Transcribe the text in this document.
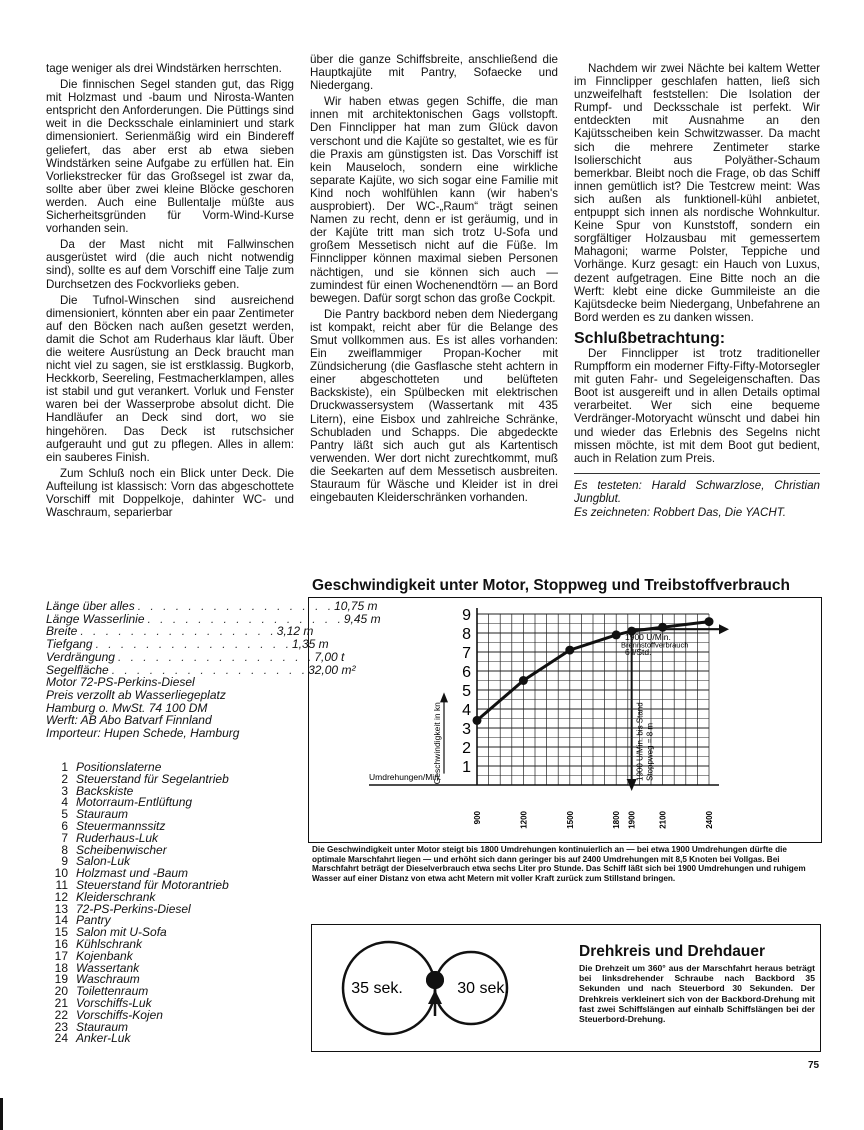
tage weniger als drei Windstärken herrschten.

Die finnischen Segel standen gut, das Rigg mit Holzmast und -baum und Nirosta-Wanten entspricht den Anforderungen. Die Püttings sind weit in die Decksschale einlaminiert und stark dimensioniert. Serienmäßig wird ein Bindereff geliefert, das aber erst ab etwa sieben Windstärken seine Aufgabe zu erfüllen hat. Ein Vorliekstrecker für das Großsegel ist zwar da, sollte aber über zwei kleine Blöcke geschoren werden. Auch eine Bullentalje müßte aus Sicherheitsgründen für Vorm-Wind-Kurse vorhanden sein.

Da der Mast nicht mit Fallwinschen ausgerüstet wird (die auch nicht notwendig sind), sollte es auf dem Vorschiff eine Talje zum Durchsetzen des Fockvorlieks geben.

Die Tufnol-Winschen sind ausreichend dimensioniert, könnten aber ein paar Zentimeter auf den Böcken nach außen gesetzt werden, damit die Schot am Ruderhaus klar läuft. Über die weitere Ausrüstung an Deck braucht man nicht viel zu sagen, sie ist erstklassig. Bugkorb, Heckkorb, Seereling, Festmacherklampen, alles ist stabil und gut verankert. Vorluk und Fenster waren bei der Wasserprobe absolut dicht. Die Handläufer an Deck sind dort, wo sie hingehören. Das Deck ist rutschsicher aufgerauht und gut zu pflegen. Alles in allem: ein sauberes Finish.

Zum Schluß noch ein Blick unter Deck. Die Aufteilung ist klassisch: Vorn das abgeschottete Vorschiff mit Doppelkoje, dahinter WC- und Waschraum, separierbar

über die ganze Schiffsbreite, anschließend die Hauptkajüte mit Pantry, Sofaecke und Niedergang.

Wir haben etwas gegen Schiffe, die man innen mit architektonischen Gags vollstopft. Den Finnclipper hat man zum Glück davon verschont und die Kajüte so gestaltet, wie es für die Praxis am günstigsten ist. Das Vorschiff ist kein Mauseloch, sondern eine wirkliche separate Kajüte, wo sich sogar eine Familie mit Kind noch wohlfühlen kann (wir haben's ausprobiert). Der WC-„Raum“ trägt seinen Namen zu recht, denn er ist geräumig, und in der Kajüte tritt man sich trotz U-Sofa und großem Messetisch nicht auf die Füße. Im Finnclipper können maximal sieben Personen nächtigen, und sie können sich auch — zumindest für einen Wochenendtörn — an Bord bewegen. Dafür sorgt schon das große Cockpit.

Die Pantry backbord neben dem Niedergang ist kompakt, reicht aber für die Belange des Smut vollkommen aus. Es ist alles vorhanden: Ein zweiflammiger Propan-Kocher mit Zündsicherung (die Gasflasche steht achtern in einer abgeschotteten und belüfteten Backskiste), ein Spülbecken mit elektrischen Druckwassersystem (Wassertank mit 435 Litern), eine Eisbox und zahlreiche Schränke, Schubladen und Schapps. Die abgedeckte Pantry läßt sich auch gut als Kartentisch verwenden. Wer dort nicht zurechtkommt, muß die Seekarten auf dem Messetisch ausbreiten. Stauraum für Wäsche und Kleider ist in drei eingebauten Kleiderschränken vorhanden.

Nachdem wir zwei Nächte bei kaltem Wetter im Finnclipper geschlafen hatten, ließ sich unzweifelhaft feststellen: Die Isolation der Rumpf- und Decksschale ist perfekt. Wir entdeckten mit Ausnahme an den Kajütsscheiben kein Schwitzwasser. Da macht sich die mehrere Zentimeter starke Isolierschicht aus Polyäther-Schaum bemerkbar. Bleibt noch die Frage, ob das Schiff innen gemütlich ist? Die Testcrew meint: Was sich außen als funktionell-kühl anbietet, entpuppt sich innen als nordische Wohnkultur. Keine Spur von Kunststoff, sondern ein sorgfältiger Holzausbau mit gemessertem Mahagoni; warme Polster, Teppiche und Vorhänge. Kurz gesagt: ein Hauch von Luxus, dezent aufgetragen. Eine Bitte noch an die Werft: klebt eine dicke Gummileiste an die Kajütsdecke beim Niedergang, Unbefahrene an Bord werden es zu danken wissen.

Schlußbetrachtung:

Der Finnclipper ist trotz traditioneller Rumpfform ein moderner Fifty-Fifty-Motorsegler mit guten Fahr- und Segeleigenschaften. Das Boot ist ausgereift und in allen Details optimal verarbeitet. Wer sich eine bequeme Verdränger-Motoryacht wünscht und dabei hin und wieder das Erlebnis des Segelns nicht missen möchte, ist mit dem Boot gut bedient, auch in Relation zum Preis.

Es testeten: Harald Schwarzlose, Christian Jungblut.
Es zeichneten: Robbert Das, Die YACHT.
Länge über alles . . . . . . . . . . . . . . . . 10,75 m
Länge Wasserlinie . . . . . . . . . . . . . . . . 9,45 m
Breite . . . . . . . . . . . . . . . . 3,12 m
Tiefgang . . . . . . . . . . . . . . . . 1,35 m
Verdrängung . . . . . . . . . . . . . . . . 7,00 t
Segelfläche . . . . . . . . . . . . . . . . 32,00 m²
Motor 72-PS-Perkins-Diesel
Preis verzollt ab Wasserliegeplatz
Hamburg o. MwSt. 74 100 DM
Werft: AB Abo Batvarf Finnland
Importeur: Hupen Schede, Hamburg
1 Positionslaterne
2 Steuerstand für Segelantrieb
3 Backskiste
4 Motorraum-Entlüftung
5 Stauraum
6 Steuermannssitz
7 Ruderhaus-Luk
8 Scheibenwischer
9 Salon-Luk
10 Holzmast und -Baum
11 Steuerstand für Motorantrieb
12 Kleiderschrank
13 72-PS-Perkins-Diesel
14 Pantry
15 Salon mit U-Sofa
16 Kühlschrank
17 Kojenbank
18 Wassertank
19 Waschraum
20 Toilettenraum
21 Vorschiffs-Luk
22 Vorschiffs-Kojen
23 Stauraum
24 Anker-Luk
Geschwindigkeit unter Motor, Stoppweg und Treibstoffverbrauch
1
2
3
4
5
6
7
8
9
900	1200	1500	1800 1900	2100	2400
Umdrehungen/Min.
Geschwindigkeit in kn
1900 U/Min.
Brennstoffverbrauch
6 l/Std.
1900 U/Min. bis Stand Stoppweg = 8 m
Die Geschwindigkeit unter Motor steigt bis 1800 Umdrehungen kontinuierlich an — bei etwa 1900 Umdrehungen dürfte die optimale Marschfahrt liegen — und erhöht sich dann geringer bis auf 2400 Umdrehungen mit 8,5 Knoten bei Vollgas. Bei Marschfahrt beträgt der Dieselverbrauch etwa sechs Liter pro Stunde. Das Schiff läßt sich bei 1900 Umdrehungen und ruhigem Wasser auf einer Distanz von etwa acht Metern mit voller Kraft zurück zum Stillstand bringen.
35 sek.	30 sek.
Drehkreis und Drehdauer
Die Drehzeit um 360° aus der Marschfahrt heraus beträgt bei linksdrehender Schraube nach Backbord 35 Sekunden und nach Steuerbord 30 Sekunden. Der Drehkreis verkleinert sich von der Backbord-Drehung mit fast zwei Schiffslängen auf einhalb Schiffslängen bei der Steuerbord-Drehung.
75
